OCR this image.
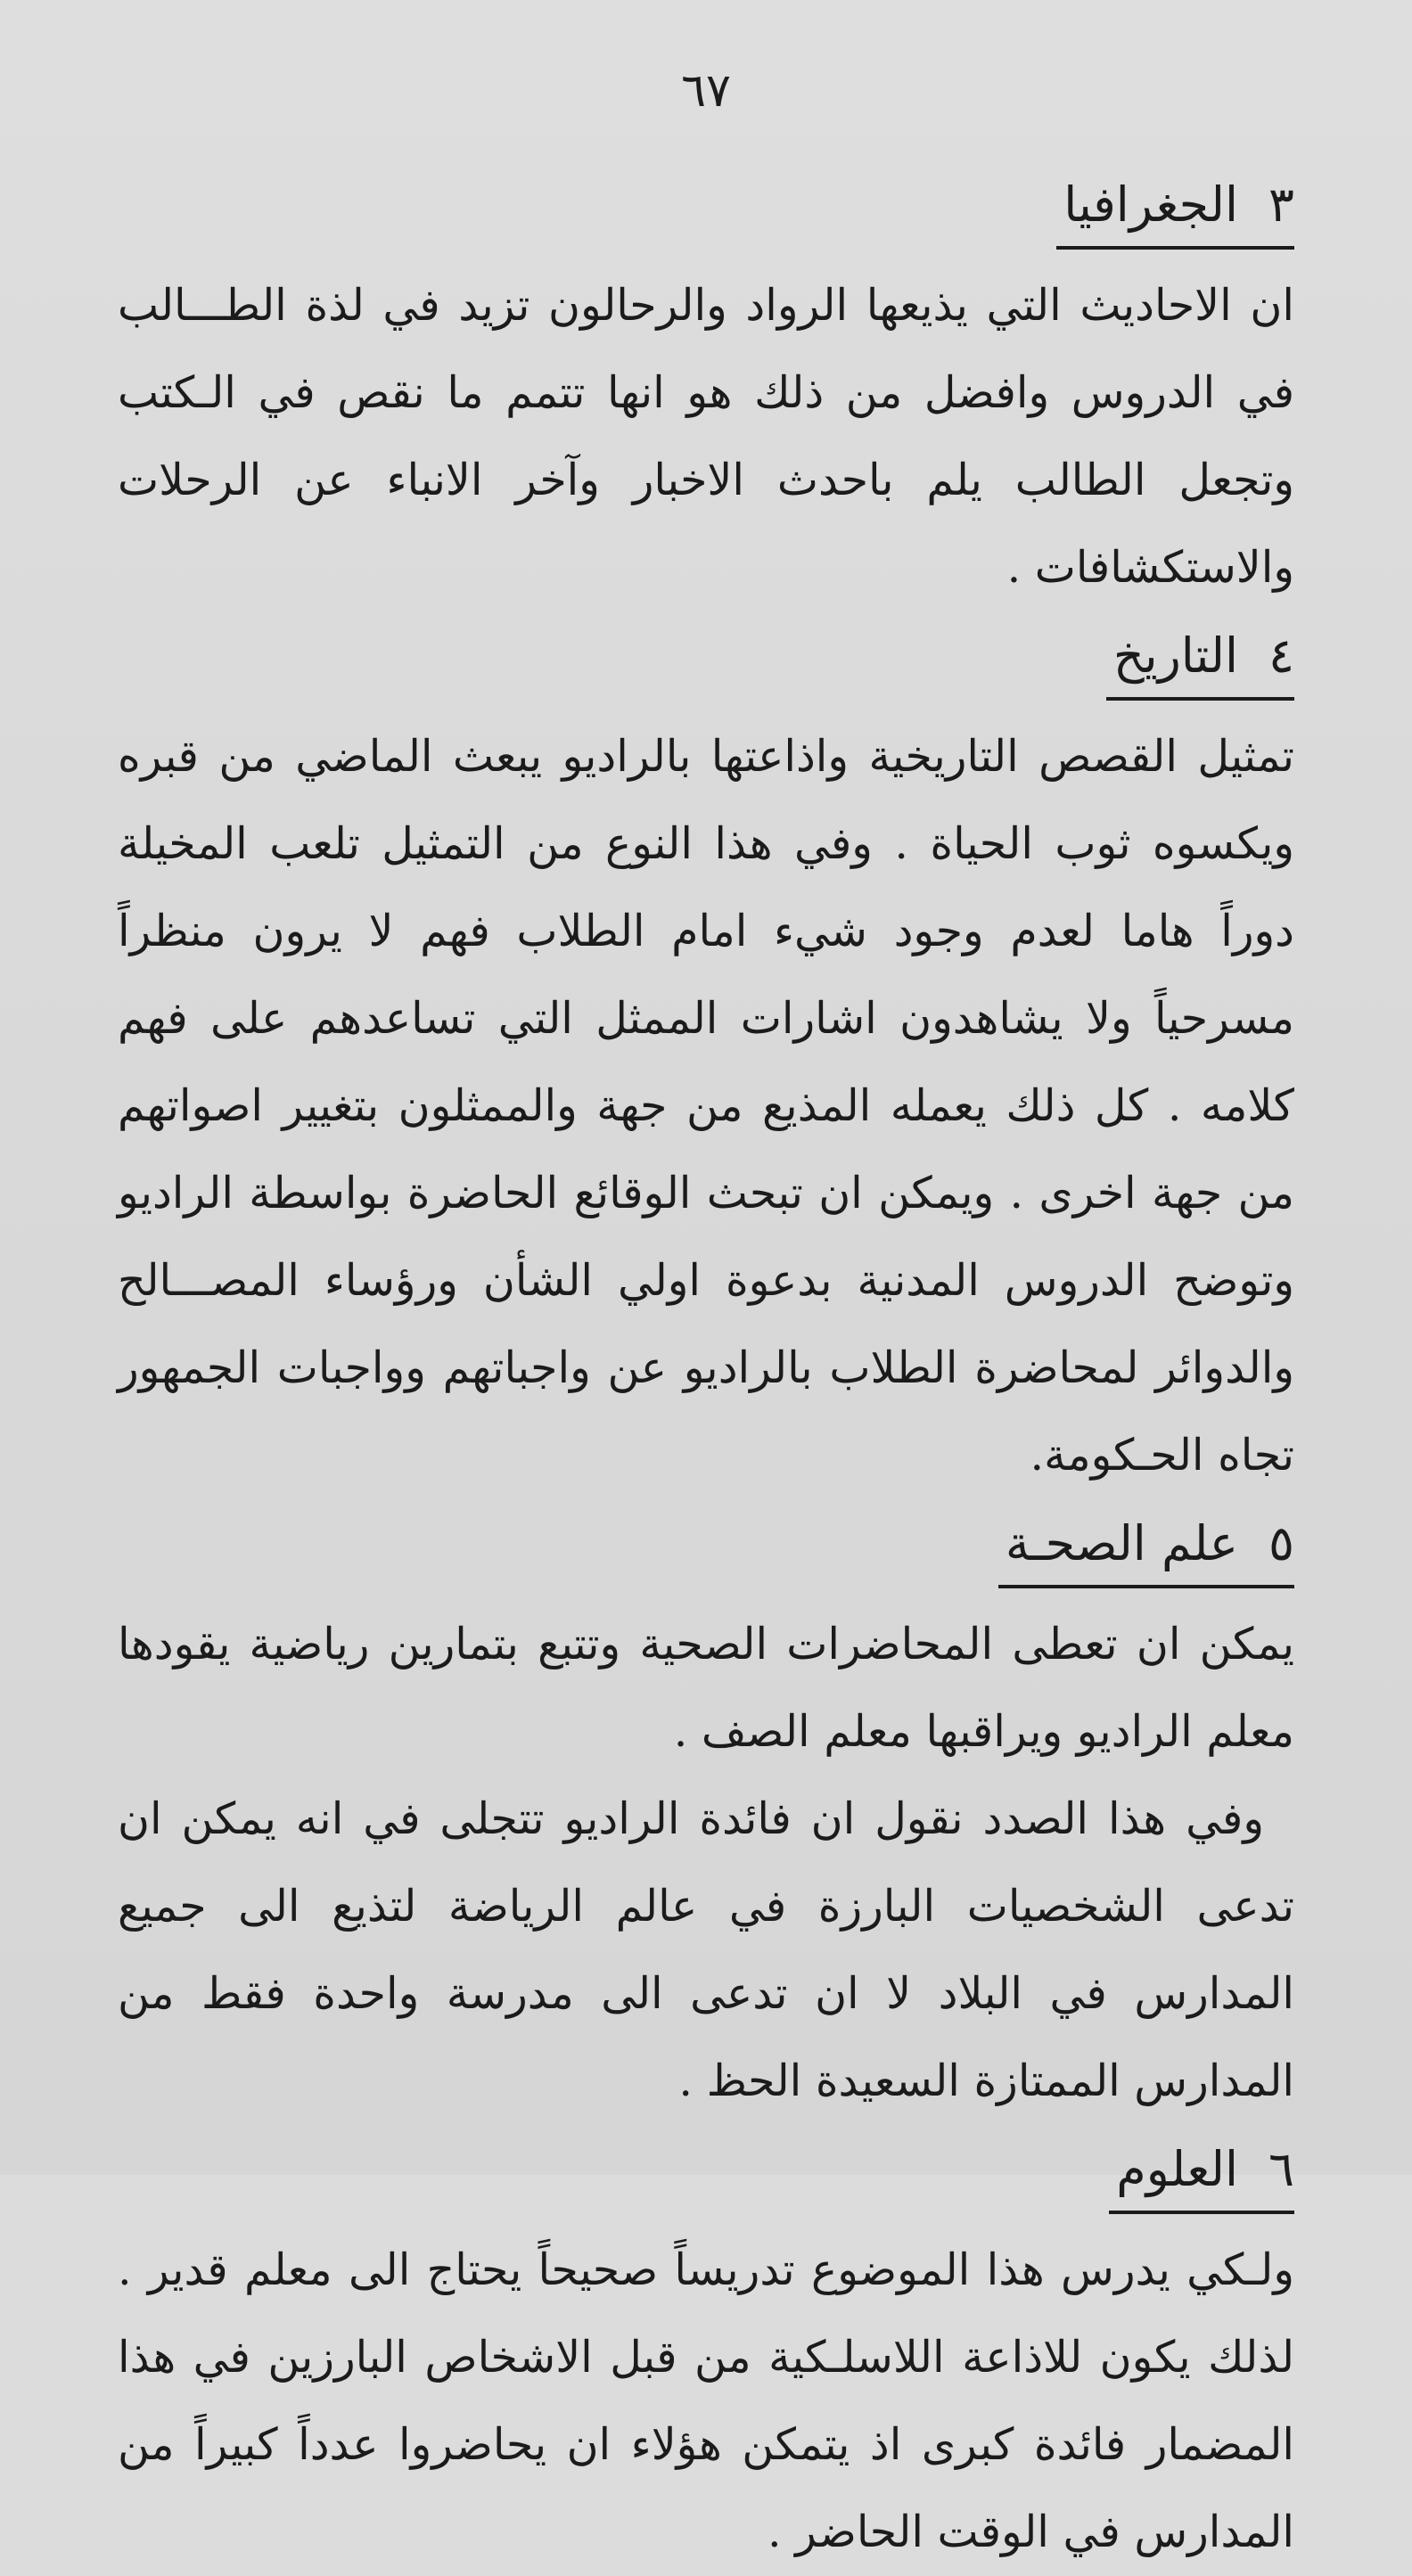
٦٧
٣الجغرافيا

ان الاحاديث التي يذيعها الرواد والرحالون تزيد في لذة الطـــالب في الدروس وافضل من ذلك هو انها تتمم ما نقص في الـكتب وتجعل الطالب يلم باحدث الاخبار وآخر الانباء عن الرحلات والاستكشافات .

٤التاريخ

تمثيل القصص التاريخية واذاعتها بالراديو يبعث الماضي من قبره ويكسوه ثوب الحياة . وفي هذا النوع من التمثيل تلعب المخيلة دوراً هاما لعدم وجود شيء امام الطلاب فهم لا يرون منظراً مسرحياً ولا يشاهدون اشارات الممثل التي تساعدهم على فهم كلامه . كل ذلك يعمله المذيع من جهة والممثلون بتغيير اصواتهم من جهة اخرى . ويمكن ان تبحث الوقائع الحاضرة بواسطة الراديو وتوضح الدروس المدنية بدعوة اولي الشأن ورؤساء المصـــالح والدوائر لمحاضرة الطلاب بالراديو عن واجباتهم وواجبات الجمهور تجاه الحـكومة.

٥علم الصحـة

يمكن ان تعطى المحاضرات الصحية وتتبع بتمارين رياضية يقودها معلم الراديو ويراقبها معلم الصف .

وفي هذا الصدد نقول ان فائدة الراديو تتجلى في انه يمكن ان تدعى الشخصيات البارزة في عالم الرياضة لتذيع الى جميع المدارس في البلاد لا ان تدعى الى مدرسة واحدة فقط من المدارس الممتازة السعيدة الحظ .

٦العلوم

ولـكي يدرس هذا الموضوع تدريساً صحيحاً يحتاج الى معلم قدير . لذلك يكون للاذاعة اللاسلـكية من قبل الاشخاص البارزين في هذا المضمار فائدة كبرى اذ يتمكن هؤلاء ان يحاضروا عدداً كبيراً من المدارس في الوقت الحاضر .
